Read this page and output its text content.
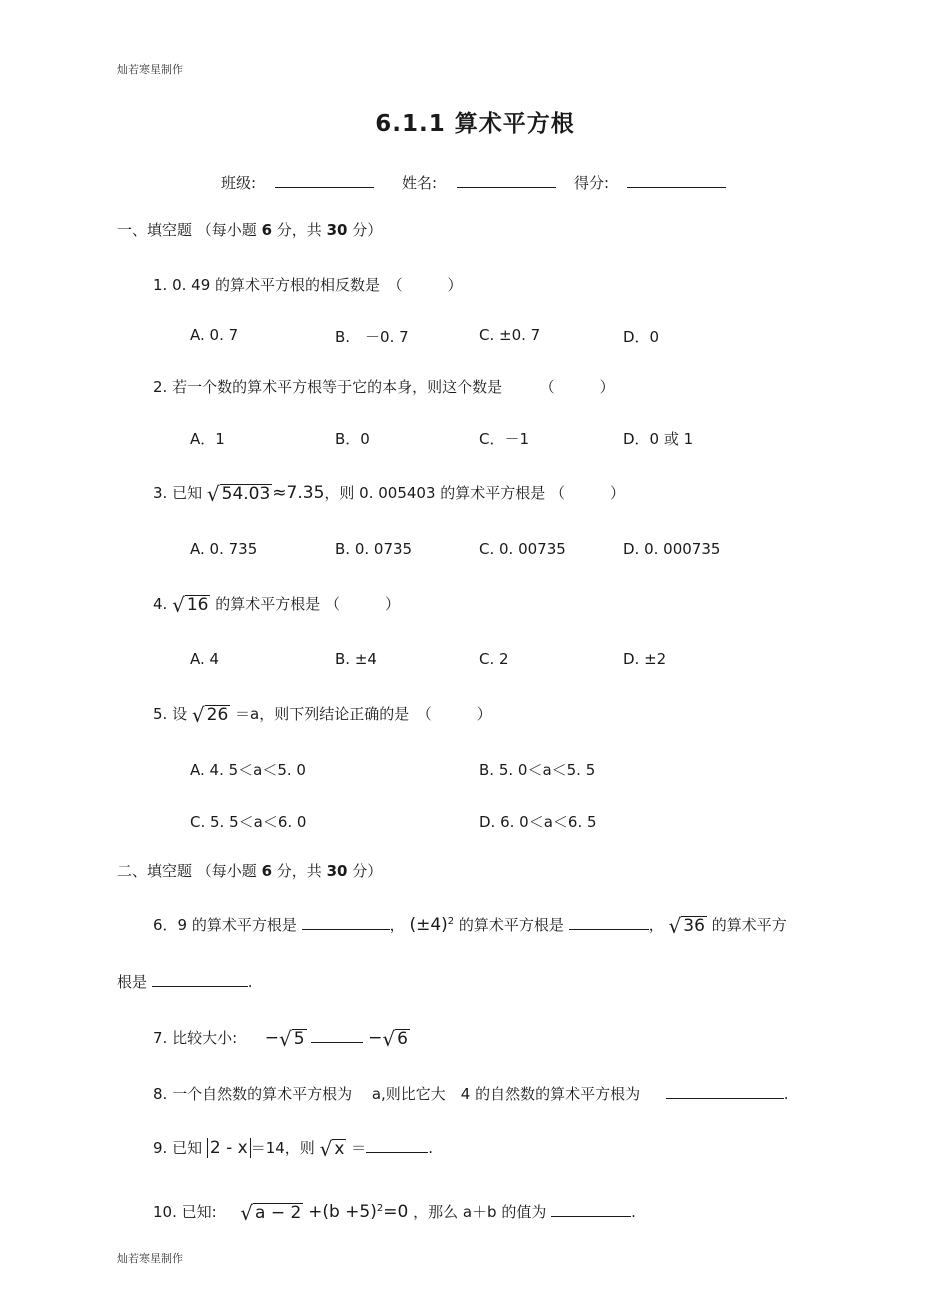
灿若寒星制作
6.1.1 算术平方根
班级:	姓名:	得分:
一、填空题 （每小题 6 分，共 30 分）
1. 0. 49 的算术平方根的相反数是　（　　　）
A. 0. 7	B.　－0. 7	C. ±0. 7	D．0
2. 若一个数的算术平方根等于它的本身，则这个数是　　　（　　　）
A．1	B．0	C．－1	D．0 或 1
3. 已知 √ 54.03 ≈7.35，则 0. 005403 的算术平方根是 （　　　）
A. 0. 735	B. 0. 0735	C. 0. 00735	D. 0. 000735
4. √ 16 的算术平方根是 （　　　）
A. 4	B. ±4	C. 2	D. ±2
5. 设 √ 26 ＝a，则下列结论正确的是　（　　　）
A. 4. 5＜a＜5. 0	B. 5. 0＜a＜5. 5
C. 5. 5＜a＜6. 0	D. 6. 0＜a＜6. 5
二、填空题 （每小题 6 分，共 30 分）
6．9 的算术平方根是	， $(\pm 4)^2$ 的算术平方根是	， √ 36 的算术平方
根是	.
7. 比较大小: − √ 5	− √ 6
8. 一个自然数的算术平方根为　 a,则比它大　4 的自然数的算术平方根为	.
9. 已知 2 - x ＝14，则 √ x ＝	.
10. 已知: √ $a - 2 +(b +5)^2=0$ ，那么 a＋b 的值为	.
灿若寒星制作
